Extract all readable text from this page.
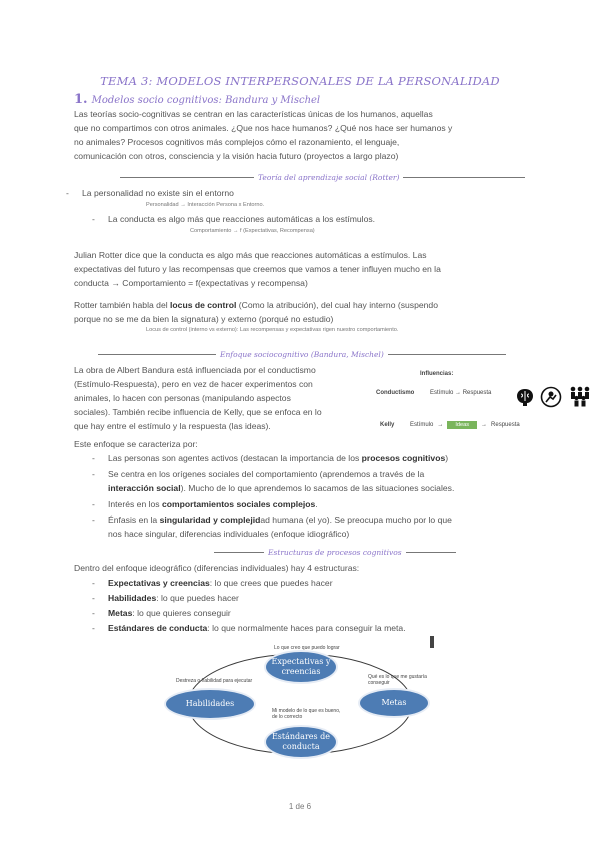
TEMA 3: MODELOS INTERPERSONALES DE LA PERSONALIDAD
1. Modelos socio cognitivos: Bandura y Mischel
Las teorías socio-cognitivas se centran en las características únicas de los humanos, aquellas
que no compartimos con otros animales. ¿Que nos hace humanos? ¿Qué nos hace ser humanos y
no animales? Procesos cognitivos más complejos cómo el razonamiento, el lenguaje,
comunicación con otros, consciencia y la visión hacia futuro (proyectos a largo plazo)
Teoría del aprendizaje social (Rotter)
- La personalidad no existe sin el entorno
Personalidad → Interacción Persona x Entorno.
- La conducta es algo más que reacciones automáticas a los estímulos.
Comportamiento → f (Expectativas, Recompensa)
Julian Rotter dice que la conducta es algo más que reacciones automáticas a estímulos. Las
expectativas del futuro y las recompensas que creemos que vamos a tener influyen mucho en la
conducta → Comportamiento = f(expectativas y recompensa)
Rotter también habla del locus de control (Como la atribución), del cual hay interno (suspendo
porque no se me da bien la signatura) y externo (porqué no estudio)
Locus de control (interno vs externo): Las recompensas y expectativas rigen nuestro comportamiento.
Enfoque sociocognitivo (Bandura, Mischel)
La obra de Albert Bandura está influenciada por el conductismo
(Estímulo-Respuesta), pero en vez de hacer experimentos con
animales, lo hacen con personas (manipulando aspectos
sociales). También recibe influencia de Kelly, que se enfoca en lo
que hay entre el estímulo y la respuesta (las ideas).
Influencias:
Conductismo	Estímulo → Respuesta
Kelly	Estímulo →	Ideas	→ Respuesta
Este enfoque se caracteriza por:
- Las personas son agentes activos (destacan la importancia de los procesos cognitivos)
- Se centra en los orígenes sociales del comportamiento (aprendemos a través de la
interacción social). Mucho de lo que aprendemos lo sacamos de las situaciones sociales.
- Interés en los comportamientos sociales complejos.
- Énfasis en la singularidad y complejidad humana (el yo). Se preocupa mucho por lo que
nos hace singular, diferencias individuales (enfoque idiográfico)
Estructuras de procesos cognitivos
Dentro del enfoque ideográfico (diferencias individuales) hay 4 estructuras:
- Expectativas y creencias: lo que crees que puedes hacer
- Habilidades: lo que puedes hacer
- Metas: lo que quieres conseguir
- Estándares de conducta: lo que normalmente haces para conseguir la meta.
Expectativas y creencias
Habilidades	Metas
Estándares de conducta
Lo que creo que puedo lograr
Destreza o habilidad para ejecutar
Qué es lo que me gustaría conseguir
Mi modelo de lo que es bueno, de lo correcto
1 de 6
